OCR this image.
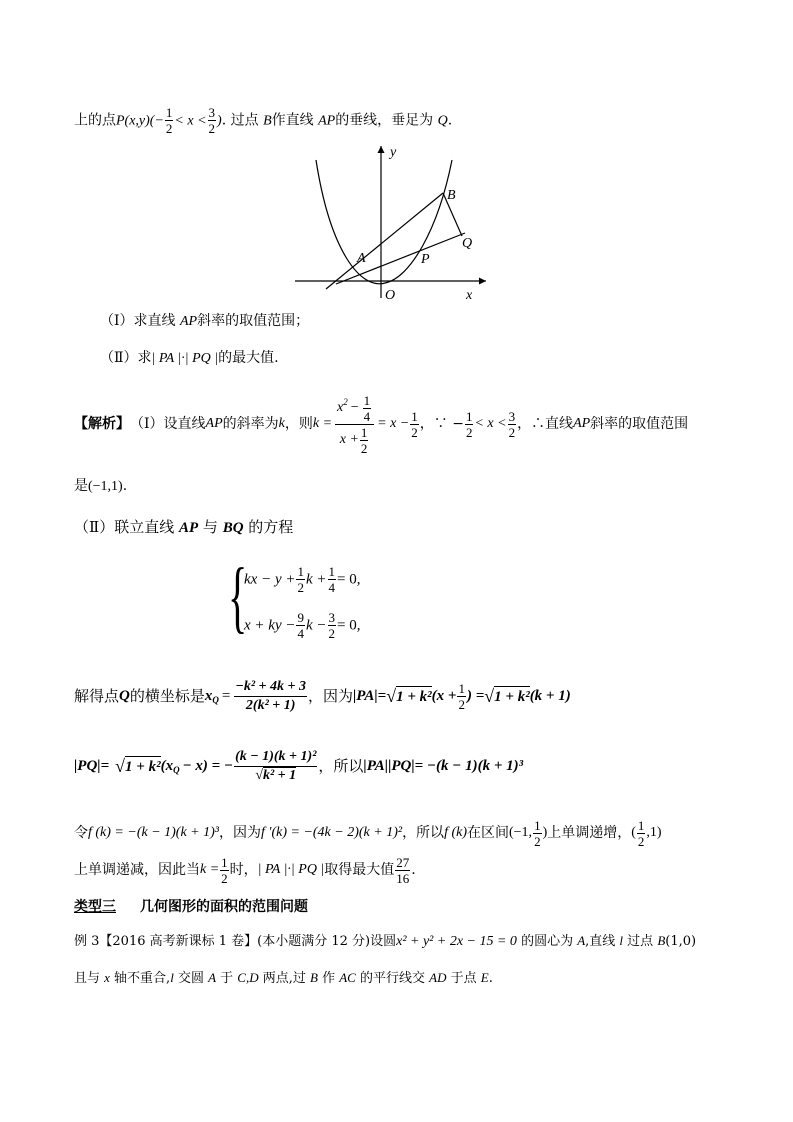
上的点$P(x,y)(- \frac{1}{2} < x < \frac{3}{2}$ ). 过点 B作直线 AP的垂线，垂足为 Q.
y
x
B
Q
A	P
O
（Ⅰ）求直线 AP斜率的取值范围；
（Ⅱ）求| PA |·| PQ |的最大值.
【解析】 （Ⅰ）设直线 AP 的斜率为 k ，则 $k = \frac{x^2 - \frac{1}{4}}{x + \frac{1}{2}} = x - \frac{1}{2}$ ，∵ − $\frac{1}{2} < x < \frac{3}{2}$ ，∴直线 AP 斜率的取值范围
是(−1,1).
（Ⅱ）联立直线 AP 与 BQ 的方程
{
kx − $y + \frac{1}{2}$ $k + \frac{1}{4} = 0$,
x + ky − $\frac{9}{4}$ $k - \frac{3}{2} = 0$,
解得点 Q 的横坐标是 $x_Q = \frac{\text{−k² + 4k + 3}}{\text{2(k² + 1)}}$ ，因为 |PA|= √ 1 + k² ($x + \frac{1}{2}$ ) = √ 1 + k² (k + 1)
|PQ|= √ 1 + k² $(x_Q - x)$ = − $\frac{\text{(k − 1)(k + 1)²}}{\text{√k² + 1}}$ ，所以 |PA||PQ|= −(k − 1)(k + 1)³
令 f (k) = −(k − 1)(k + 1)³ ，因为 f ′(k) = −(4k − 2)(k + 1)² ，所以 f (k) 在区间 (−1, $\frac{1}{2}$ ) 上单调递增， ( $\frac{1}{2} ,1$)
上单调递减，因此当 $k = \frac{1}{2}$ 时， | PA |·| PQ | 取得最大值 $\frac{27}{16}$ .
类型三 几何图形的面积的范围问题
例 3【2016 高考新课标 1 卷】(本小题满分 12 分)设圆x² + y² + 2x − 15 = 0 的圆心为 A,直线 l 过点 B(1,0)
且与 x 轴不重合,l 交圆 A 于 C,D 两点,过 B 作 AC 的平行线交 AD 于点 E.
